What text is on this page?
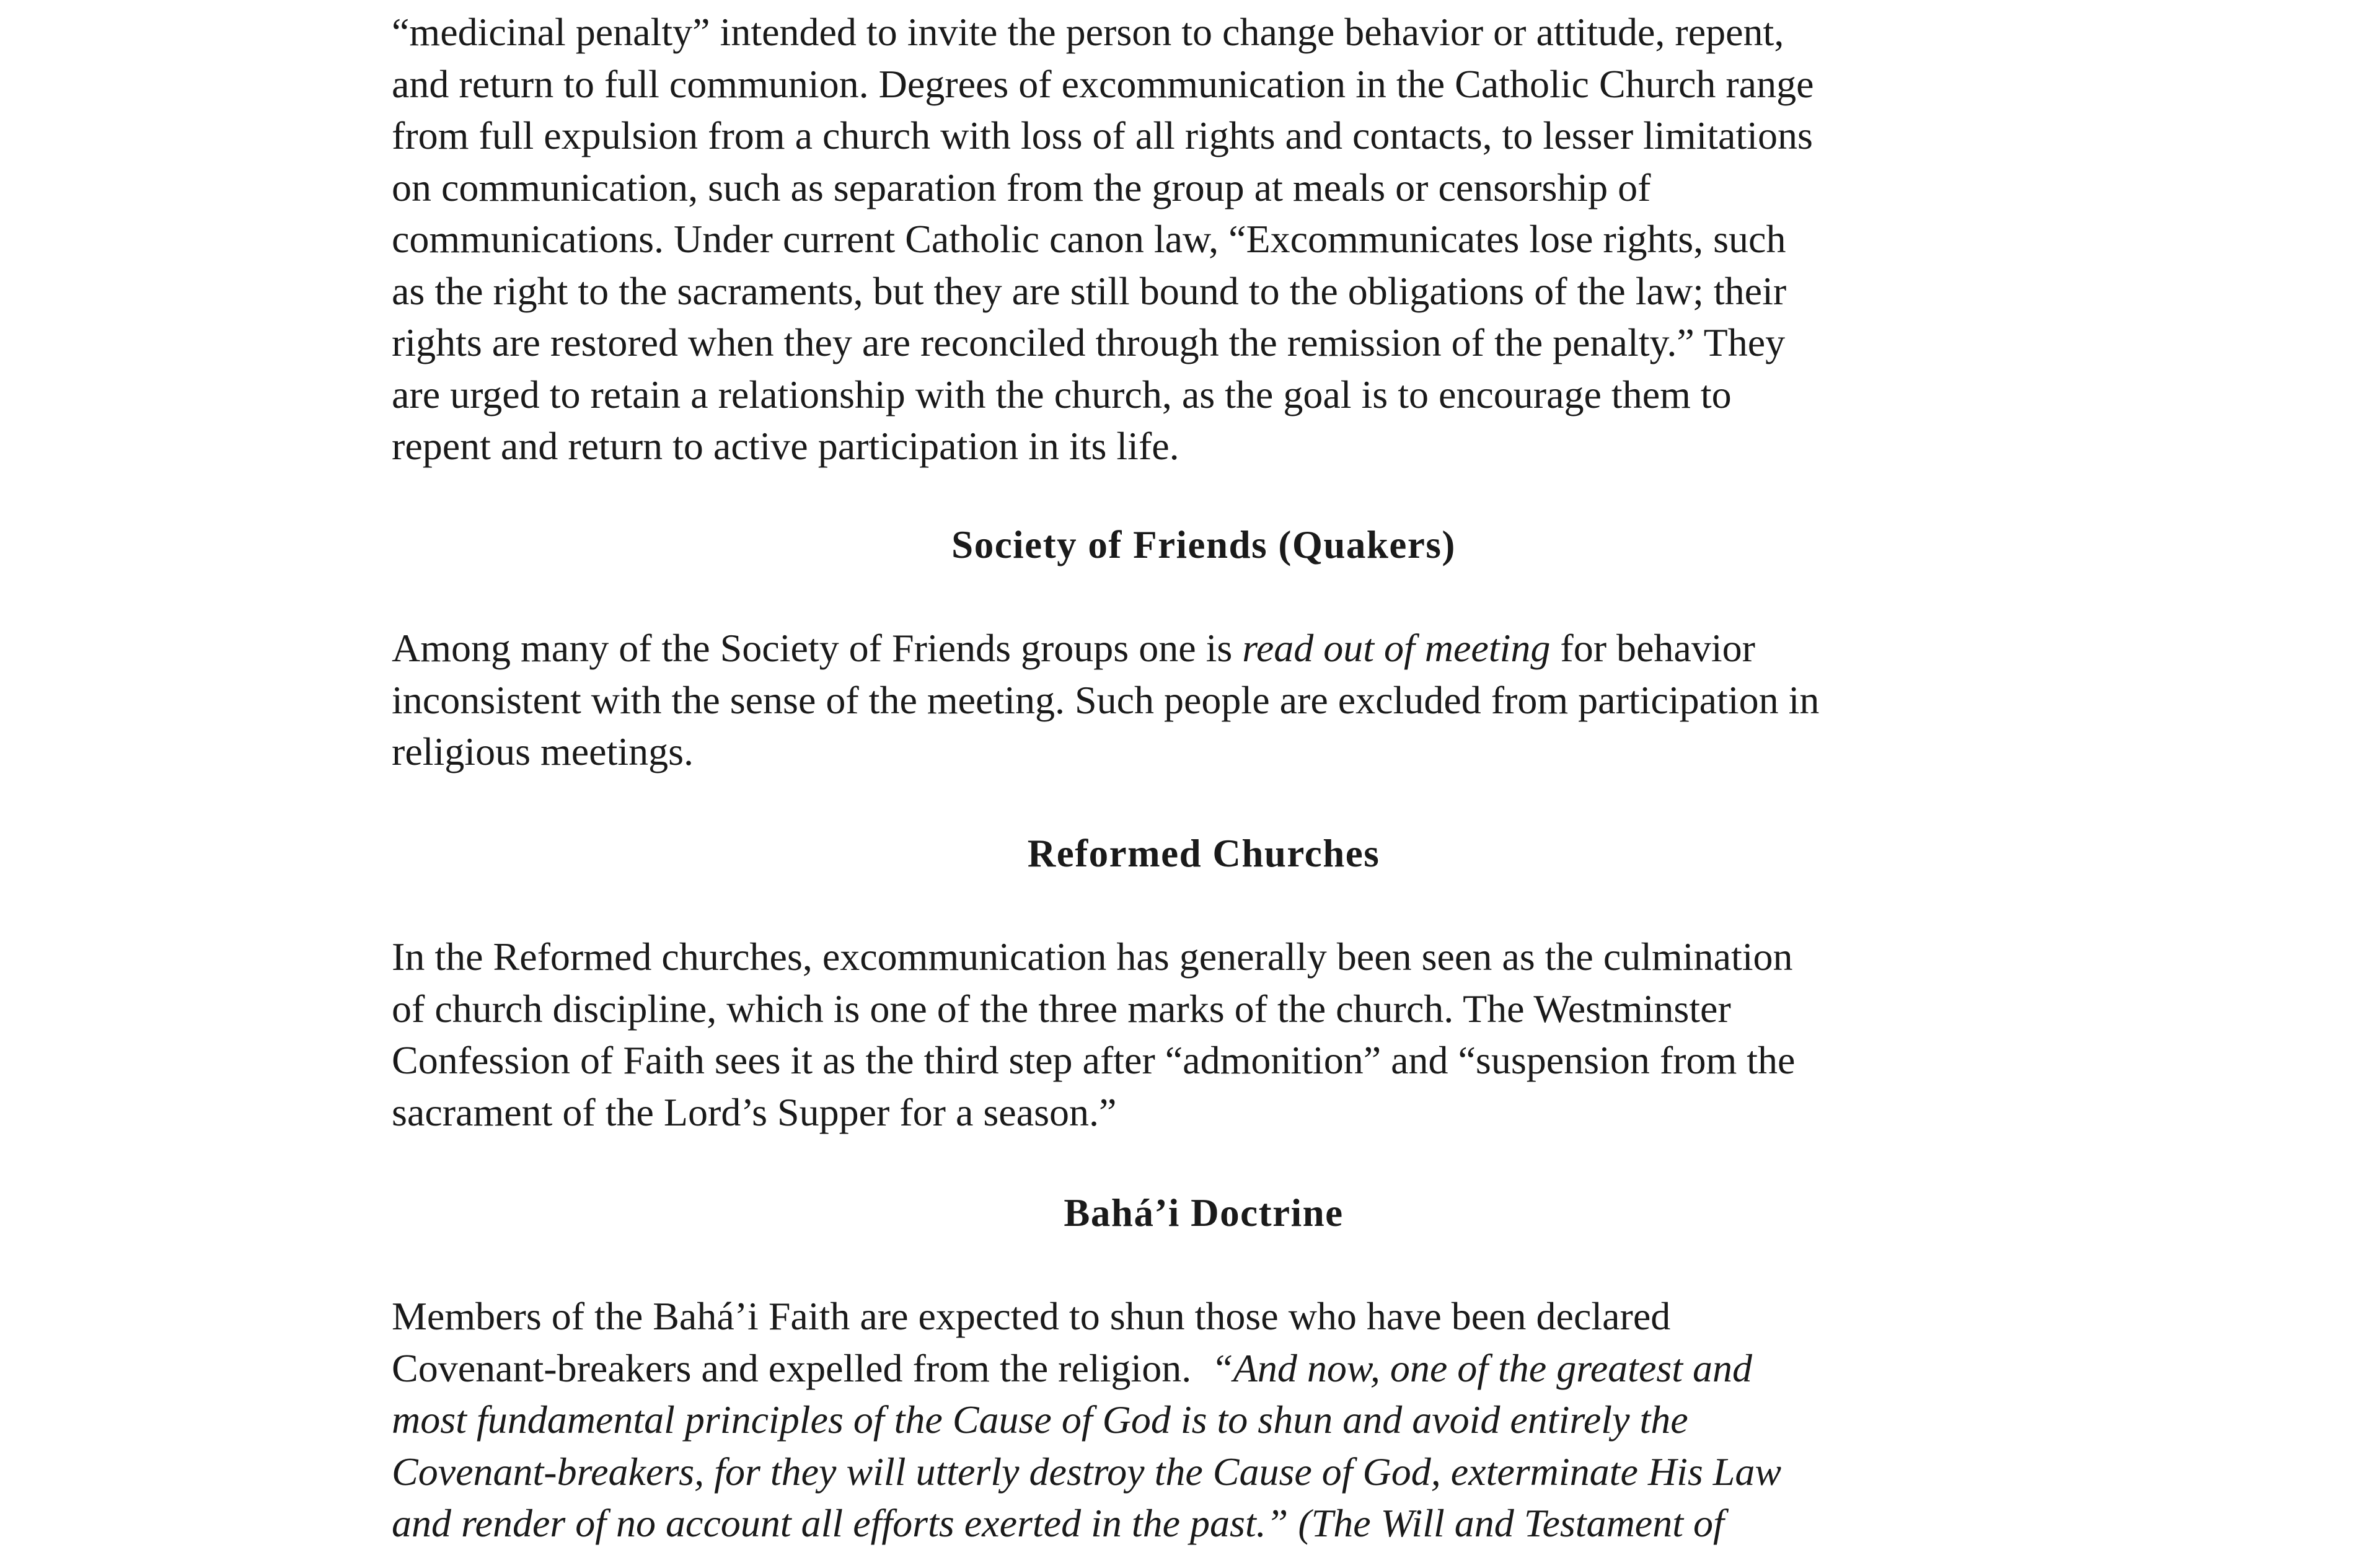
“medicinal penalty” intended to invite the person to change behavior or attitude, repent,
and return to full communion. Degrees of excommunication in the Catholic Church range
from full expulsion from a church with loss of all rights and contacts, to lesser limitations
on communication, such as separation from the group at meals or censorship of
communications. Under current Catholic canon law, “Excommunicates lose rights, such
as the right to the sacraments, but they are still bound to the obligations of the law; their
rights are restored when they are reconciled through the remission of the penalty.” They
are urged to retain a relationship with the church, as the goal is to encourage them to
repent and return to active participation in its life.
Society of Friends (Quakers)
Among many of the Society of Friends groups one is read out of meeting for behavior
inconsistent with the sense of the meeting. Such people are excluded from participation in
religious meetings.
Reformed Churches
In the Reformed churches, excommunication has generally been seen as the culmination
of church discipline, which is one of the three marks of the church. The Westminster
Confession of Faith sees it as the third step after “admonition” and “suspension from the
sacrament of the Lord’s Supper for a season.”
Bahá’i Doctrine
Members of the Bahá’i Faith are expected to shun those who have been declared
Covenant-breakers and expelled from the religion.  “And now, one of the greatest and
most fundamental principles of the Cause of God is to shun and avoid entirely the
Covenant-breakers, for they will utterly destroy the Cause of God, exterminate His Law
and render of no account all efforts exerted in the past.” (The Will and Testament of
